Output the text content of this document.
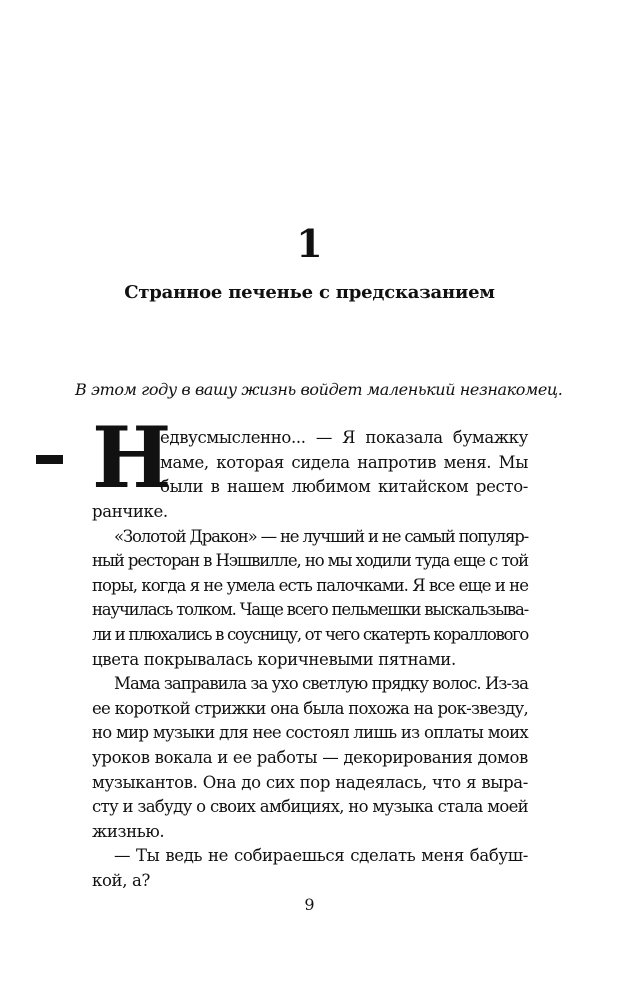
1
Странное печенье с предсказанием
В этом году в вашу жизнь войдет маленький незнакомец.
Н
едвусмысленно... — Я показала бумажку
маме, которая сидела напротив меня. Мы
были в нашем любимом китайском ресто-
ранчике.
«Золотой Дракон» — не лучший и не самый популяр-
ный ресторан в Нэшвилле, но мы ходили туда еще с той
поры, когда я не умела есть палочками. Я все еще и не
научилась толком. Чаще всего пельмешки выскальзыва-
ли и плюхались в соусницу, от чего скатерть кораллового
цвета покрывалась коричневыми пятнами.
Мама заправила за ухо светлую прядку волос. Из-за
ее короткой стрижки она была похожа на рок-звезду,
но мир музыки для нее состоял лишь из оплаты моих
уроков вокала и ее работы — декорирования домов
музыкантов. Она до сих пор надеялась, что я выра-
сту и забуду о своих амбициях, но музыка стала моей
жизнью.
— Ты ведь не собираешься сделать меня бабуш-
кой, а?
9
